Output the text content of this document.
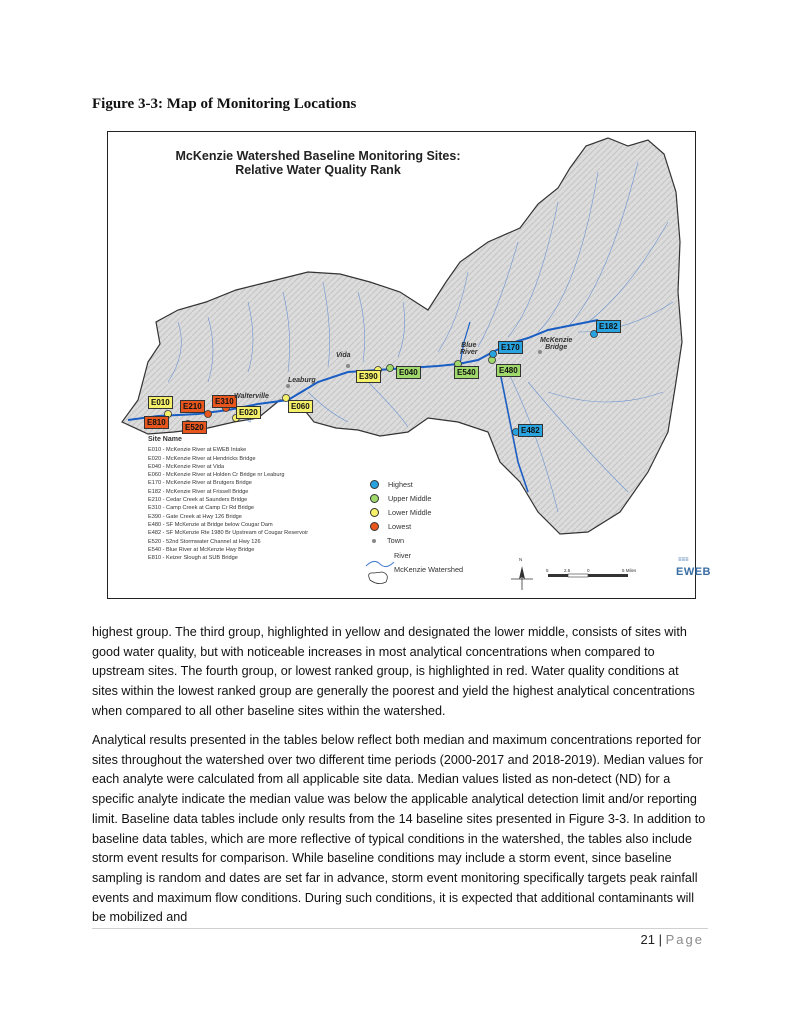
Figure 3-3: Map of Monitoring Locations
McKenzie Watershed Baseline Monitoring Sites:
Relative Water Quality Rank
E010	E210
E310
E020
E810
E520
E060
E390	E040	E540	E480
E170
E182
E482
Walterville
Leaburg
Vida
Blue
River
McKenzie
Bridge
Site Name
E010 - McKenzie River at EWEB Intake
E020 - McKenzie River at Hendricks Bridge
E040 - McKenzie River at Vida
E060 - McKenzie River at Holden Cr Bridge nr Leaburg
E170 - McKenzie River at Brutgers Bridge
E182 - McKenzie River at Frissell Bridge
E210 - Cedar Creek at Saunders Bridge
E310 - Camp Creek at Camp Cr Rd Bridge
E390 - Gate Creek at Hwy 126 Bridge
E480 - SF McKenzie at Bridge below Cougar Dam
E482 - SF McKenzie Rte 1980 Br Upstream of Cougar Reservoir
E520 - 52nd Stormwater Channel at Hwy 126
E540 - Blue River at McKenzie Hwy Bridge
E810 - Keizer Slough at SUB Bridge
Highest
Upper Middle
Lower Middle
Lowest
Town
River
McKenzie Watershed
N
5	2.5	0	5 Miles
≡≡≡
EWEB
highest group. The third group, highlighted in yellow and designated the lower middle, consists of sites with good water quality, but with noticeable increases in most analytical concentrations when compared to upstream sites. The fourth group, or lowest ranked group, is highlighted in red. Water quality conditions at sites within the lowest ranked group are generally the poorest and yield the highest analytical concentrations when compared to all other baseline sites within the watershed.
Analytical results presented in the tables below reflect both median and maximum concentrations reported for sites throughout the watershed over two different time periods (2000-2017 and 2018-2019). Median values for each analyte were calculated from all applicable site data. Median values listed as non-detect (ND) for a specific analyte indicate the median value was below the applicable analytical detection limit and/or reporting limit. Baseline data tables include only results from the 14 baseline sites presented in Figure 3-3. In addition to baseline data tables, which are more reflective of typical conditions in the watershed, the tables also include storm event results for comparison. While baseline conditions may include a storm event, since baseline sampling is random and dates are set far in advance, storm event monitoring specifically targets peak rainfall events and maximum flow conditions. During such conditions, it is expected that additional contaminants will be mobilized and
21 | Page
